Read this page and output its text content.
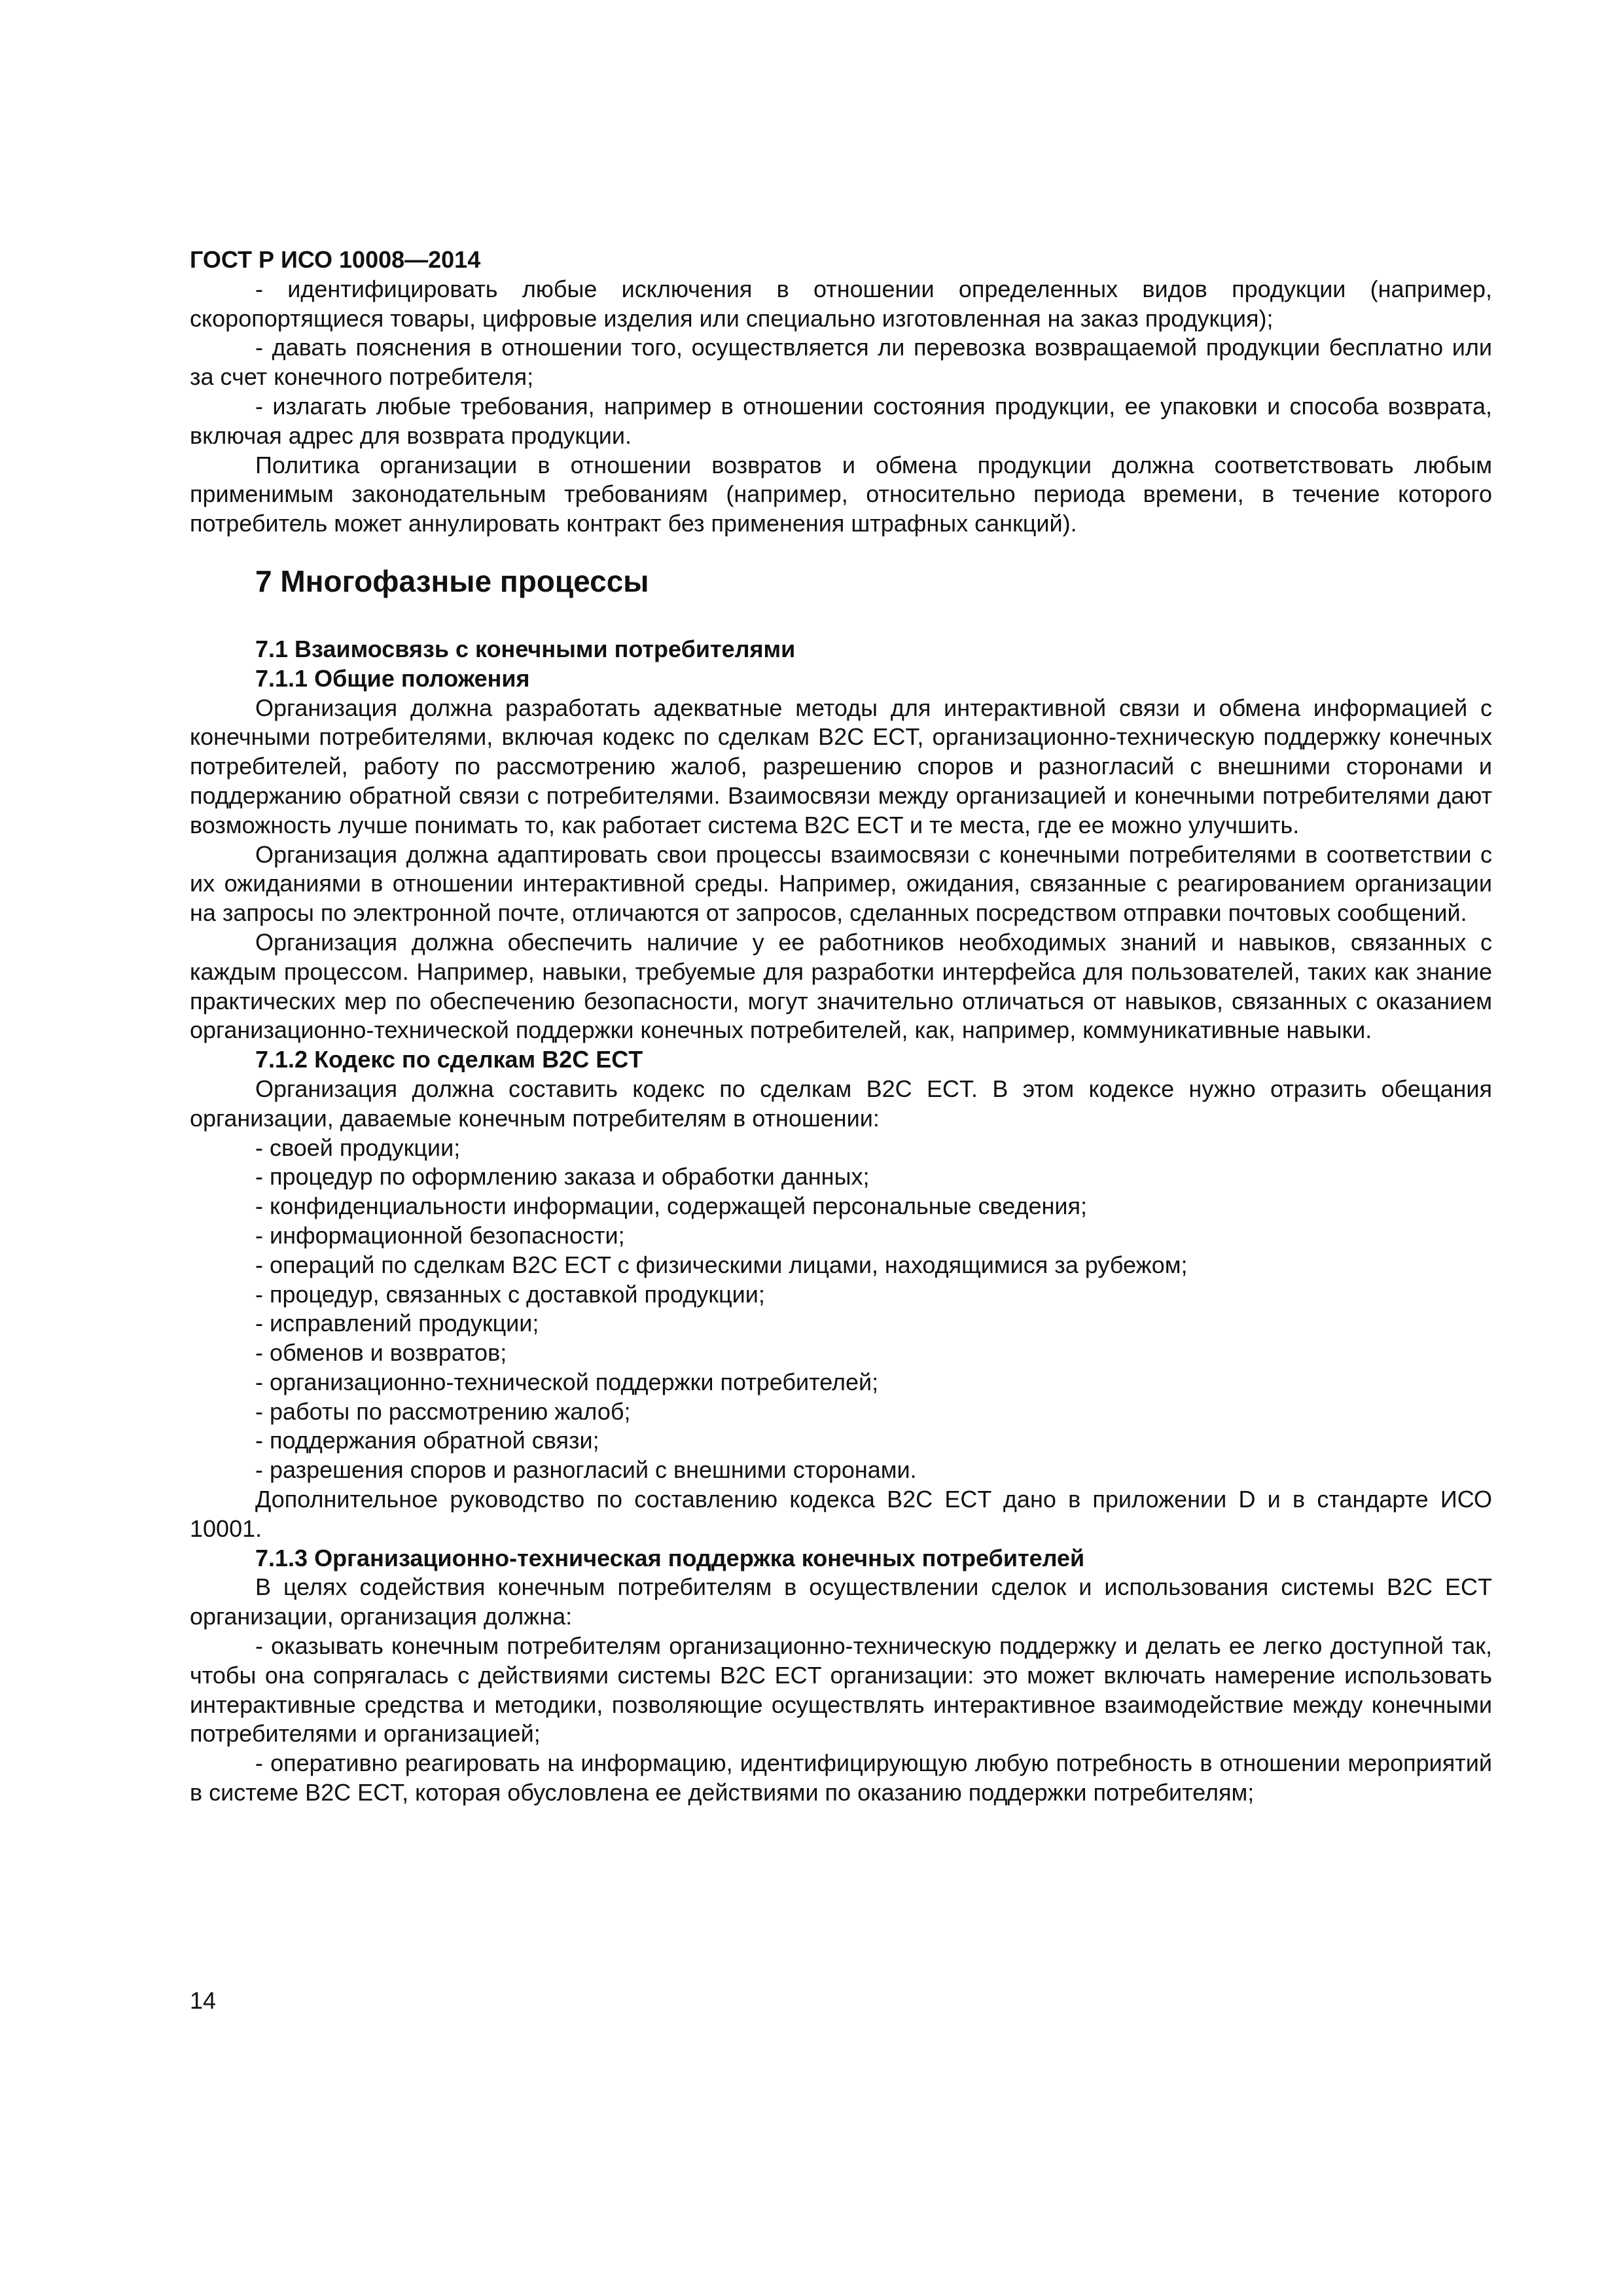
ГОСТ Р ИСО 10008—2014

- идентифицировать любые исключения в отношении определенных видов продукции (например, скоропортящиеся товары, цифровые изделия или специально изготовленная на заказ продукция);

- давать пояснения в отношении того, осуществляется ли перевозка возвращаемой продукции бесплатно или за счет конечного потребителя;

- излагать любые требования, например в отношении состояния продукции, ее упаковки и способа возврата, включая адрес для возврата продукции.

Политика организации в отношении возвратов и обмена продукции должна соответствовать любым применимым законодательным требованиям (например, относительно периода времени, в течение которого потребитель может аннулировать контракт без применения штрафных санкций).

7 Многофазные процессы
7.1 Взаимосвязь с конечными потребителями
7.1.1 Общие положения

Организация должна разработать адекватные методы для интерактивной связи и обмена информацией с конечными потребителями, включая кодекс по сделкам B2C ECT, организационно-техническую поддержку конечных потребителей, работу по рассмотрению жалоб, разрешению споров и разногласий с внешними сторонами и поддержанию обратной связи с потребителями. Взаимосвязи между организацией и конечными потребителями дают возможность лучше понимать то, как работает система B2C ECT и те места, где ее можно улучшить.

Организация должна адаптировать свои процессы взаимосвязи с конечными потребителями в соответствии с их ожиданиями в отношении интерактивной среды. Например, ожидания, связанные с реагированием организации на запросы по электронной почте, отличаются от запросов, сделанных посредством отправки почтовых сообщений.

Организация должна обеспечить наличие у ее работников необходимых знаний и навыков, связанных с каждым процессом. Например, навыки, требуемые для разработки интерфейса для пользователей, таких как знание практических мер по обеспечению безопасности, могут значительно отличаться от навыков, связанных с оказанием организационно-технической поддержки конечных потребителей, как, например, коммуникативные навыки.

7.1.2 Кодекс по сделкам B2C ECT

Организация должна составить кодекс по сделкам B2C ECT. В этом кодексе нужно отразить обещания организации, даваемые конечным потребителям в отношении:

- своей продукции;
- процедур по оформлению заказа и обработки данных;
- конфиденциальности информации, содержащей персональные сведения;
- информационной безопасности;
- операций по сделкам B2C ECT с физическими лицами, находящимися за рубежом;
- процедур, связанных с доставкой продукции;
- исправлений продукции;
- обменов и возвратов;
- организационно-технической поддержки потребителей;
- работы по рассмотрению жалоб;
- поддержания обратной связи;
- разрешения споров и разногласий с внешними сторонами.

Дополнительное руководство по составлению кодекса B2C ECT дано в приложении D и в стандарте ИСО 10001.

7.1.3 Организационно-техническая поддержка конечных потребителей

В целях содействия конечным потребителям в осуществлении сделок и использования системы B2C ECT организации, организация должна:

- оказывать конечным потребителям организационно-техническую поддержку и делать ее легко доступной так, чтобы она сопрягалась с действиями системы B2C ECT организации: это может включать намерение использовать интерактивные средства и методики, позволяющие осуществлять интерактивное взаимодействие между конечными потребителями и организацией;

- оперативно реагировать на информацию, идентифицирующую любую потребность в отношении мероприятий в системе B2C ECT, которая обусловлена ее действиями по оказанию поддержки потребителям;

14
